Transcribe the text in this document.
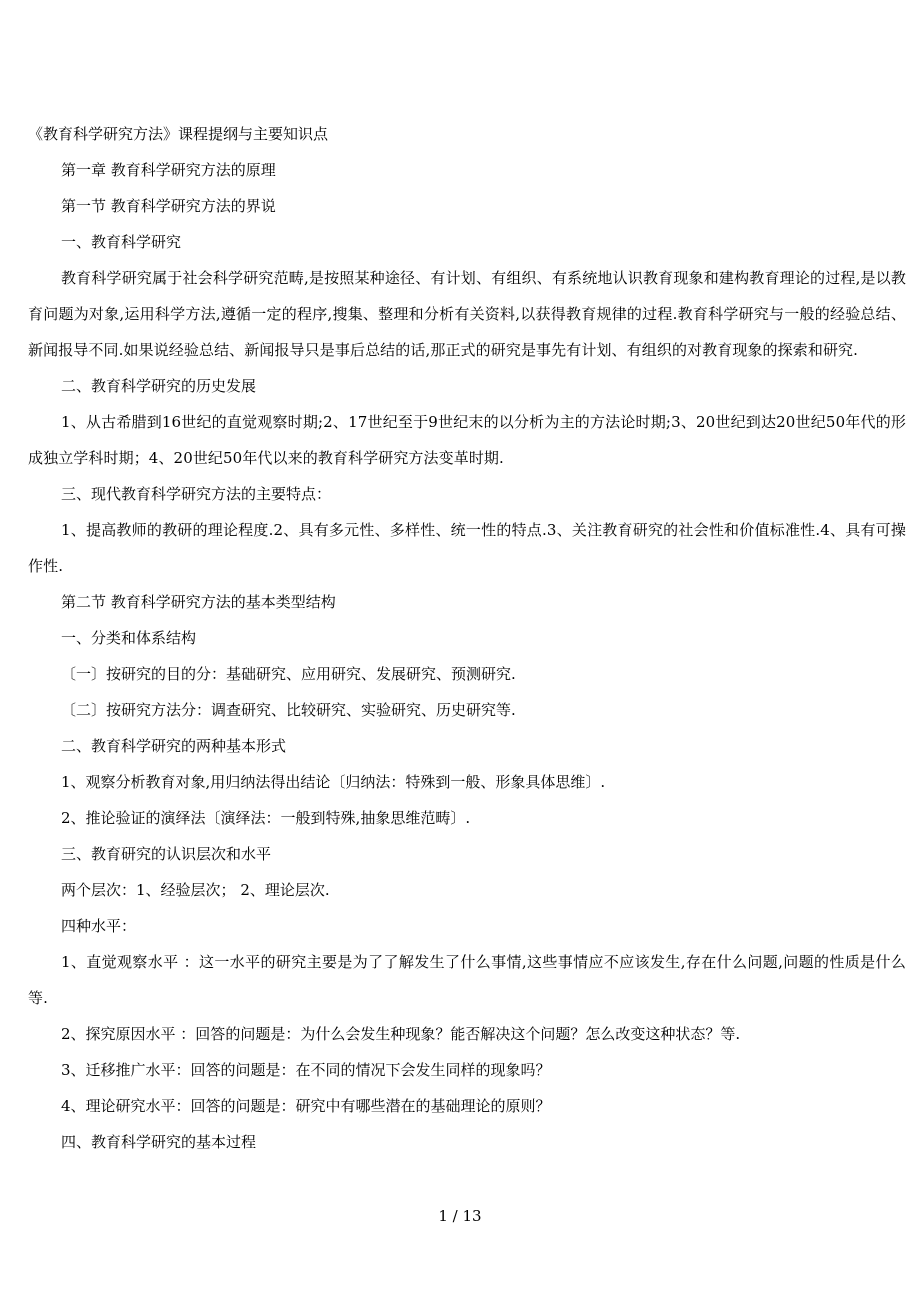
《教育科学研究方法》课程提纲与主要知识点

第一章 教育科学研究方法的原理

第一节 教育科学研究方法的界说

一、教育科学研究

教育科学研究属于社会科学研究范畴,是按照某种途径、有计划、有组织、有系统地认识教育现象和建构教育理论的过程,是以教育问题为对象,运用科学方法,遵循一定的程序,搜集、整理和分析有关资料,以获得教育规律的过程.教育科学研究与一般的经验总结、新闻报导不同.如果说经验总结、新闻报导只是事后总结的话,那正式的研究是事先有计划、有组织的对教育现象的探索和研究.

二、教育科学研究的历史发展

1、从古希腊到16世纪的直觉观察时期;2、17世纪至于9世纪末的以分析为主的方法论时期;3、20世纪到达20世纪50年代的形成独立学科时期；4、20世纪50年代以来的教育科学研究方法变革时期.

三、现代教育科学研究方法的主要特点：

1、提高教师的教研的理论程度.2、具有多元性、多样性、统一性的特点.3、关注教育研究的社会性和价值标准性.4、具有可操作性.

第二节 教育科学研究方法的基本类型结构

一、分类和体系结构

〔一〕按研究的目的分：基础研究、应用研究、发展研究、预测研究.

〔二〕按研究方法分：调查研究、比较研究、实验研究、历史研究等.

二、教育科学研究的两种基本形式

1、观察分析教育对象,用归纳法得出结论〔归纳法：特殊到一般、形象具体思维〕.

2、推论验证的演绎法〔演绎法：一般到特殊,抽象思维范畴〕.

三、教育研究的认识层次和水平

两个层次：1、经验层次； 2、理论层次.

四种水平：

1、直觉观察水平 ：这一水平的研究主要是为了了解发生了什么事情,这些事情应不应该发生,存在什么问题,问题的性质是什么等.

2、探究原因水平 ：回答的问题是：为什么会发生种现象？能否解决这个问题？怎么改变这种状态？等.

3、迁移推广水平：回答的问题是：在不同的情况下会发生同样的现象吗？

4、理论研究水平：回答的问题是：研究中有哪些潜在的基础理论的原则？

四、教育科学研究的基本过程

1 / 13
